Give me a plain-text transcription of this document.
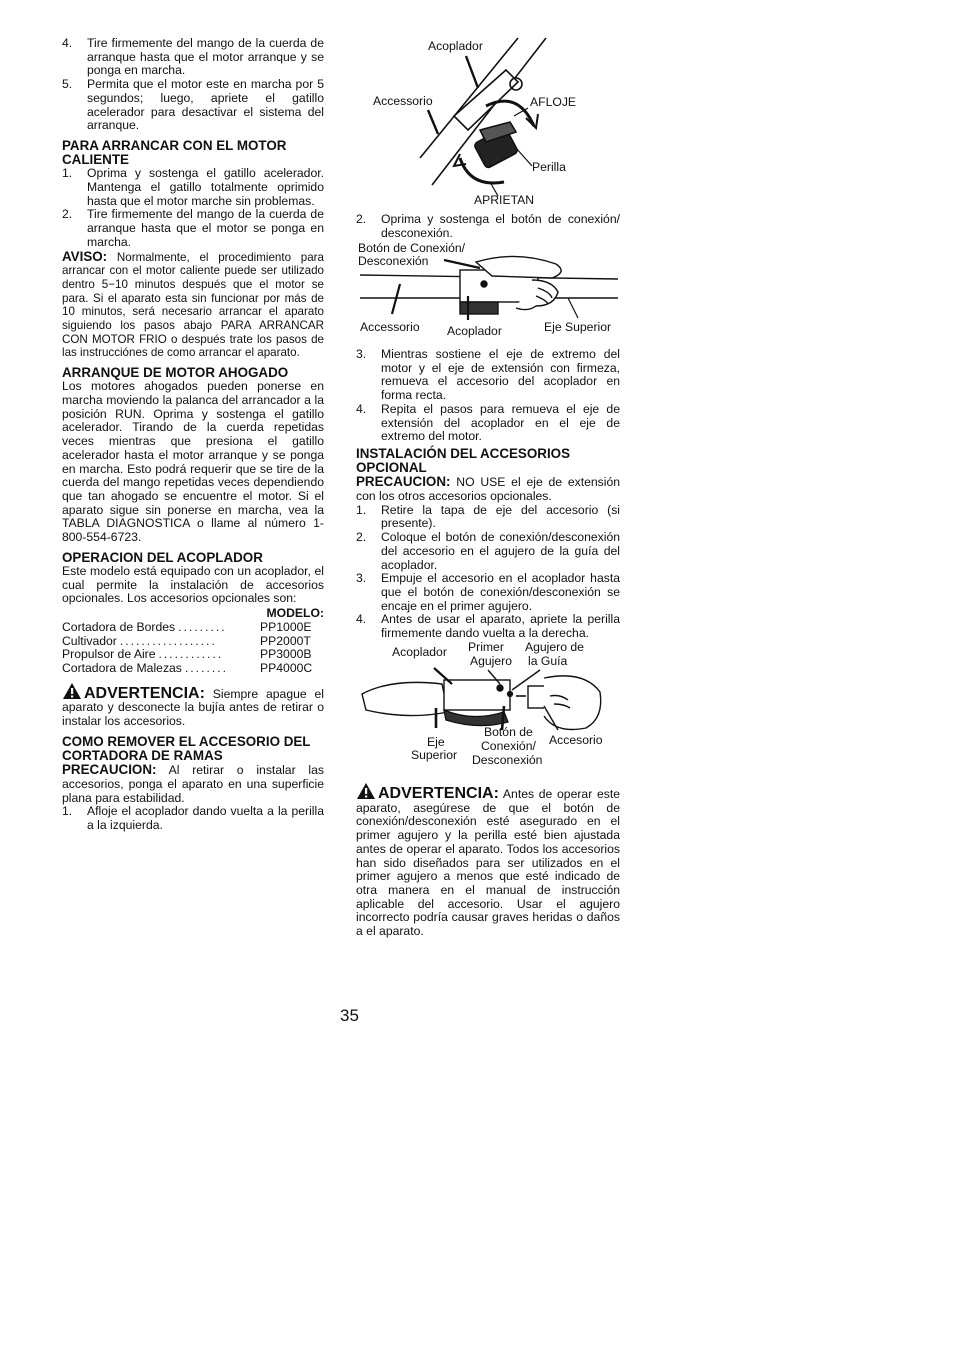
4.	Tire firmemente del mango de la cuerda de arranque hasta que el motor arranque y se ponga en marcha.
5.	Permita que el motor este en marcha por 5 segundos; luego, apriete el gatillo acelerador para desactivar el sistema del arranque.
PARA ARRANCAR CON EL MOTOR CALIENTE
1.	Oprima y sostenga el gatillo acelerador. Mantenga el gatillo totalmente oprimido hasta que el motor marche sin problemas.
2.	Tire firmemente del mango de la cuerda de arranque hasta que el motor se ponga en marcha.

AVISO: Normalmente, el procedimiento para arrancar con el motor caliente puede ser utilizado dentro 5−10 minutos después que el motor se para. Si el aparato esta sin funcionar por más de 10 minutos, será necesario arrancar el aparato siguiendo los pasos abajo PARA ARRANCAR CON MOTOR FRIO o después trate los pasos de las instrucciónes de como arrancar el aparato.

ARRANQUE DE MOTOR AHOGADO

Los motores ahogados pueden ponerse en marcha moviendo la palanca del arrancador a la posición RUN. Oprima y sostenga el gatillo acelerador. Tirando de la cuerda repetidas veces mientras que presiona el gatillo acelerador hasta el motor arranque y se ponga en marcha. Esto podrá requerir que se tire de la cuerda del mango repetidas veces dependiendo que tan ahogado se encuentre el motor. Si el aparato sigue sin ponerse en marcha, vea la TABLA DIAGNOSTICA o llame al número 1-800-554-6723.

OPERACION DEL ACOPLADOR

Este modelo está equipado con un acoplador, el cual permite la instalación de accesorios opcionales. Los accesorios opcionales son:

MODELO:
Cortadora de Bordes .........	PP1000E
Cultivador ..................	PP2000T
Propulsor de Aire ............	PP3000B
Cortadora de Malezas ........	PP4000C

ADVERTENCIA: Siempre apague el aparato y desconecte la bujía antes de retirar o instalar los accesorios.

COMO REMOVER EL ACCESORIO DEL CORTADORA DE RAMAS

PRECAUCION: Al retirar o instalar las accesorios, ponga el aparato en una superficie plana para estabilidad.

1.	Afloje el acoplador dando vuelta a la perilla a la izquierda.
Acoplador
Accessorio	AFLOJE
Perilla
APRIETAN
2.	Oprima y sostenga el botón de conexión/ desconexión.
Botón de Conexión/
Desconexión
Accessorio Acoplador	Eje Superior
3.	Mientras sostiene el eje de extremo del motor y el eje de extensión con firmeza, remueva el accesorio del acoplador en forma recta.
4.	Repita el pasos para remueva el eje de extensión del acoplador en el eje de extremo del motor.
INSTALACIÓN DEL ACCESORIOS OPCIONAL

PRECAUCION: NO USE el eje de extensión con los otros accesorios opcionales.

1.	Retire la tapa de eje del accesorio (si presente).
2.	Coloque el botón de conexión/desconexión del accesorio en el agujero de la guía del acoplador.
3.	Empuje el accesorio en el acoplador hasta que el botón de conexión/desconexión se encaje en el primer agujero.
4.	Antes de usar el aparato, apriete la perilla firmemente dando vuelta a la derecha.
Acoplador Primer
Agujero
Agujero de
la Guía
Eje
Superior
Botón de
Conexión/
Desconexión
Accesorio

ADVERTENCIA: Antes de operar este aparato, asegúrese de que el botón de conexión/desconexión esté asegurado en el primer agujero y la perilla esté bien ajustada antes de operar el aparato. Todos los accesorios han sido diseñados para ser utilizados en el primer agujero a menos que esté indicado de otra manera en el manual de instrucción aplicable del accesorio. Usar el agujero incorrecto podría causar graves heridas o daños a el aparato.

35
